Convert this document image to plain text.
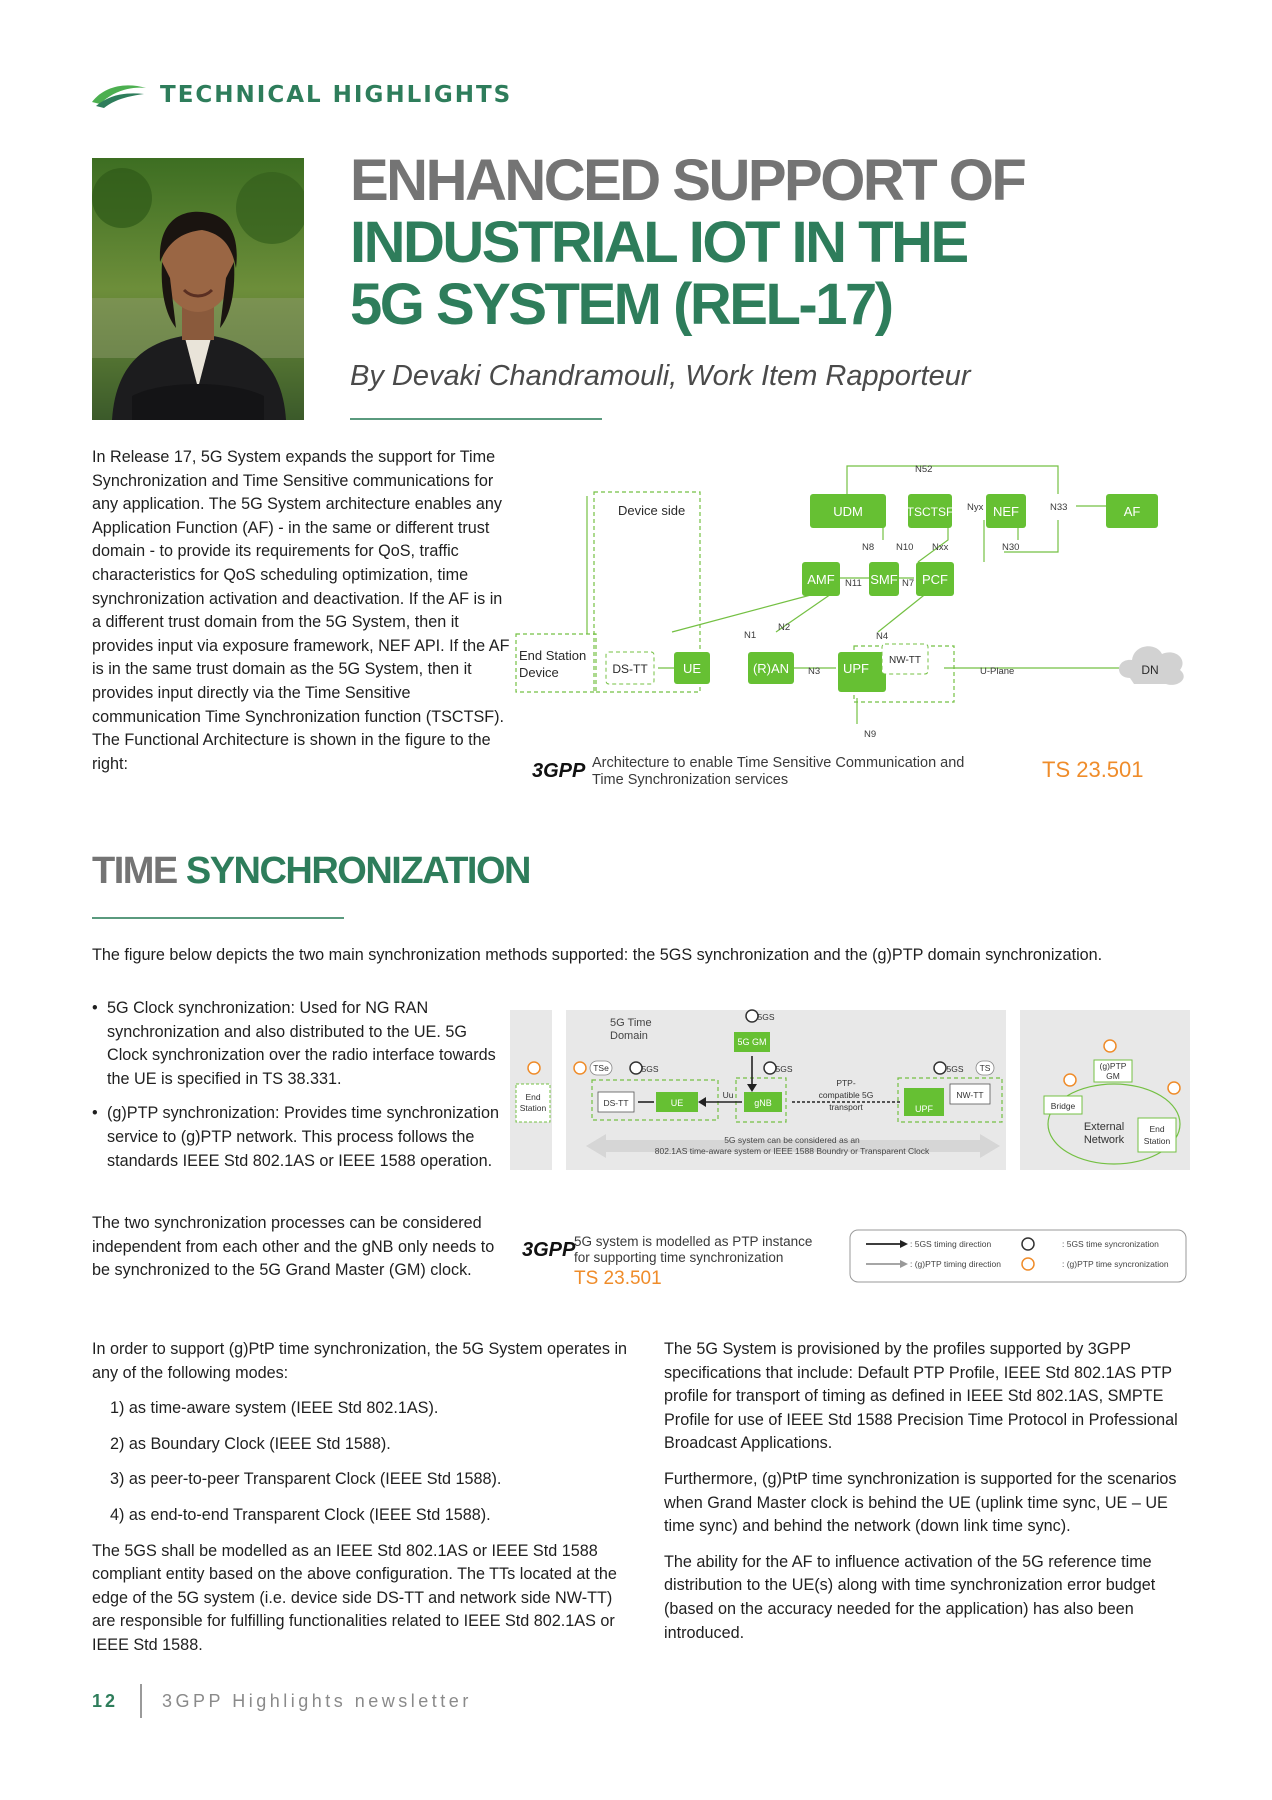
TECHNICAL HIGHLIGHTS
ENHANCED SUPPORT OF
INDUSTRIAL IOT IN THE
5G SYSTEM (REL-17)
By Devaki Chandramouli, Work Item Rapporteur
In Release 17, 5G System expands the support for Time Synchronization and Time Sensitive communications for any application. The 5G System architecture enables any Application Function (AF) - in the same or different trust domain - to provide its requirements for QoS, traffic characteristics for QoS scheduling optimization, time synchronization activation and deactivation. If the AF is in a different trust domain from the 5G System, then it provides input via exposure framework, NEF API. If the AF is in the same trust domain as the 5G System, then it provides input directly via the Time Sensitive communication Time Synchronization function (TSCTSF). The Functional Architecture is shown in the figure to the right:
Device side
End Station
Device
UDM	TSCTSF	NEF	AF
AMF	SMF PCF
UE	(R)AN	UPF
DS-TT
NW-TT
DN
N52
Nyx	N33
N8 N10 Nxx	N30
N11	N7
N4
N2
N1
N3
N9
U-Plane
3GPP Architecture to enable Time Sensitive Communication and
Time Synchronization services	TS 23.501
TIME SYNCHRONIZATION
The figure below depicts the two main synchronization methods supported: the 5GS synchronization and the (g)PTP domain synchronization.
• 5G Clock synchronization: Used for NG RAN synchronization and also distributed to the UE. 5G Clock synchronization over the radio interface towards the UE is specified in TS 38.331.
• (g)PTP synchronization: Provides time synchronization service to (g)PTP network. This process follows the standards IEEE Std 802.1AS or IEEE 1588 operation.
The two synchronization processes can be considered independent from each other and the gNB only needs to be synchronized to the 5G Grand Master (GM) clock.
TSe	TS
5GS
5GS	5GS	5GS
5G Time
Domain
End
Station	DS-TT
Uu
PTP-
compatible 5G
transport
NW-TT
(g)PTP
GM
Bridge
End
Station
5G GM
UE	gNB
UPF
External
Network
5G system can be considered as an
802.1AS time-aware system or IEEE 1588 Boundry or Transparent Clock
3GPP
5G system is modelled as PTP instance
for supporting time synchronization
TS 23.501
: 5GS timing direction
: (g)PTP timing direction
: 5GS time syncronization
: (g)PTP time syncronization

In order to support (g)PtP time synchronization, the 5G System operates in any of the following modes:

1) as time-aware system (IEEE Std 802.1AS).
2) as Boundary Clock (IEEE Std 1588).
3) as peer-to-peer Transparent Clock (IEEE Std 1588).
4) as end-to-end Transparent Clock (IEEE Std 1588).

The 5GS shall be modelled as an IEEE Std 802.1AS or IEEE Std 1588 compliant entity based on the above configuration. The TTs located at the edge of the 5G system (i.e. device side DS-TT and network side NW-TT) are responsible for fulfilling functionalities related to IEEE Std 802.1AS or IEEE Std 1588.

The 5G System is provisioned by the profiles supported by 3GPP specifications that include: Default PTP Profile, IEEE Std 802.1AS PTP profile for transport of timing as defined in IEEE Std 802.1AS, SMPTE Profile for use of IEEE Std 1588 Precision Time Protocol in Professional Broadcast Applications.

Furthermore, (g)PtP time synchronization is supported for the scenarios when Grand Master clock is behind the UE (uplink time sync, UE – UE time sync) and behind the network (down link time sync).

The ability for the AF to influence activation of the 5G reference time distribution to the UE(s) along with time synchronization error budget (based on the accuracy needed for the application) has also been introduced.

12 3GPP Highlights newsletter
